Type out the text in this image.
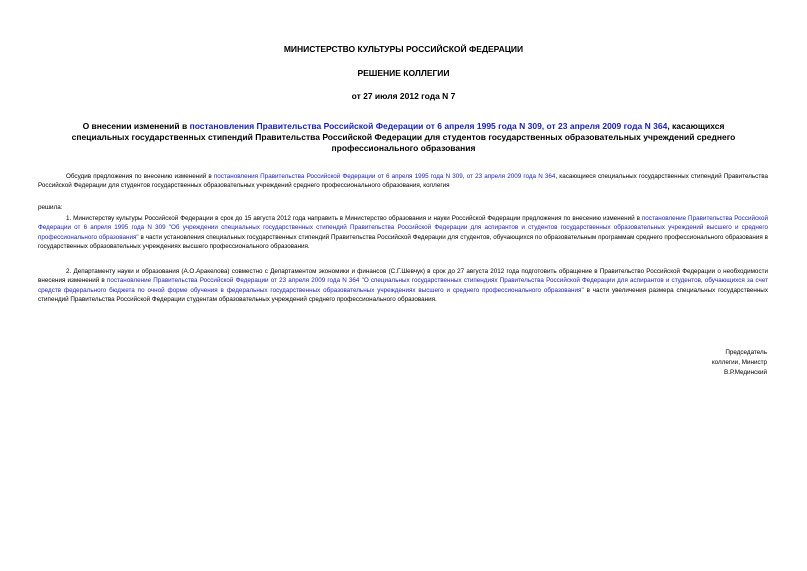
МИНИСТЕРСТВО КУЛЬТУРЫ РОССИЙСКОЙ ФЕДЕРАЦИИ
РЕШЕНИЕ КОЛЛЕГИИ
от 27 июля 2012 года N 7
О внесении изменений в постановления Правительства Российской Федерации от 6 апреля 1995 года N 309, от 23 апреля 2009 года N 364, касающихся специальных государственных стипендий Правительства Российской Федерации для студентов государственных образовательных учреждений среднего профессионального образования
Обсудив предложения по внесению изменений в постановления Правительства Российской Федерации от 6 апреля 1995 года N 309, от 23 апреля 2009 года N 364, касающиеся специальных государственных стипендий Правительства Российской Федерации для студентов государственных образовательных учреждений среднего профессионального образования, коллегия
решила:
1. Министерству культуры Российской Федерации в срок до 15 августа 2012 года направить в Министерство образования и науки Российской Федерации предложения по внесению изменений в постановление Правительства Российской Федерации от 6 апреля 1995 года N 309 "Об учреждении специальных государственных стипендий Правительства Российской Федерации для аспирантов и студентов государственных образовательных учреждений высшего и среднего профессионального образования" в части установления специальных государственных стипендий Правительства Российской Федерации для студентов, обучающихся по образовательным программам среднего профессионального образования в государственных образовательных учреждениях высшего профессионального образования.
2. Департаменту науки и образования (А.О.Аракелова) совместно с Департаментом экономики и финансов (С.Г.Шевчук) в срок до 27 августа 2012 года подготовить обращение в Правительство Российской Федерации о необходимости внесения изменений в постановление Правительства Российской Федерации от 23 апреля 2009 года N 364 "О специальных государственных стипендиях Правительства Российской Федерации для аспирантов и студентов, обучающихся за счет средств федерального бюджета по очной форме обучения в федеральных государственных образовательных учреждениях высшего и среднего профессионального образования" в части увеличения размера специальных государственных стипендий Правительства Российской Федерации студентам образовательных учреждений среднего профессионального образования.
Председатель
коллегии, Министр
В.Р.Мединский
